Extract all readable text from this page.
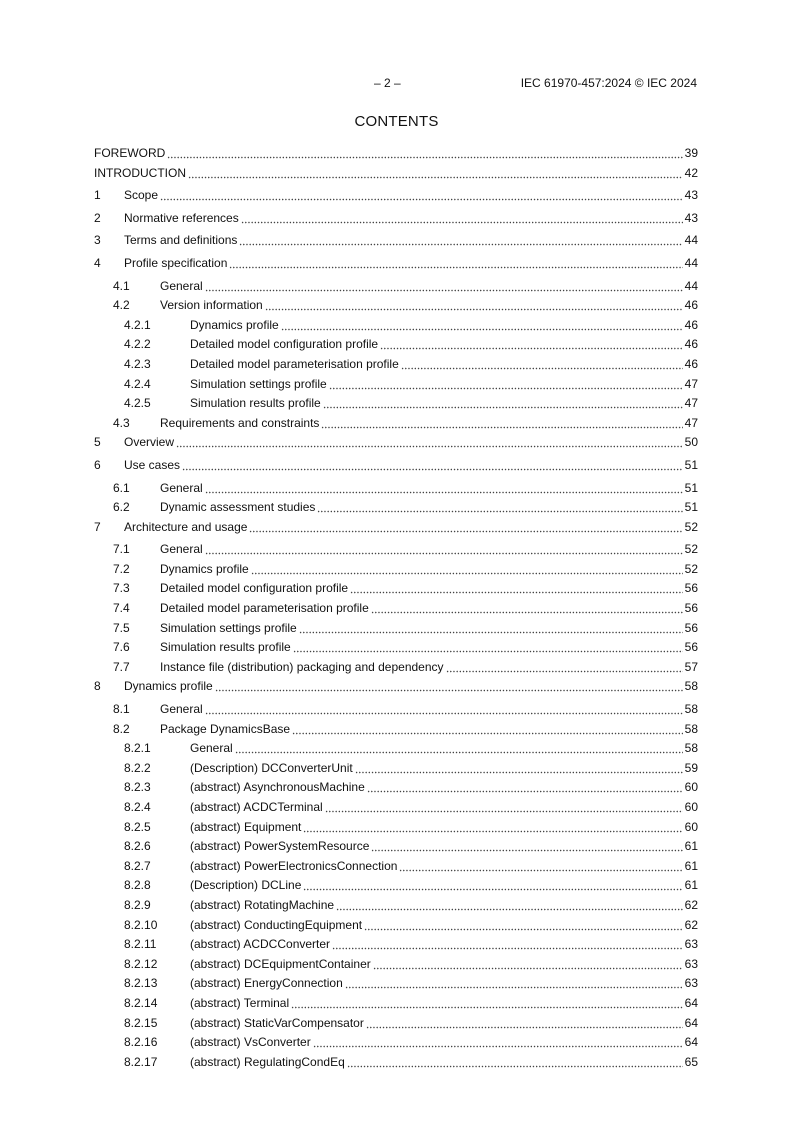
– 2 –	IEC 61970-457:2024 © IEC 2024
CONTENTS
FOREWORD	39
INTRODUCTION	42
1	Scope	43
2	Normative references	43
3	Terms and definitions	44
4	Profile specification	44
4.1	General	44
4.2	Version information	46
4.2.1	Dynamics profile	46
4.2.2	Detailed model configuration profile	46
4.2.3	Detailed model parameterisation profile	46
4.2.4	Simulation settings profile	47
4.2.5	Simulation results profile	47
4.3	Requirements and constraints	47
5	Overview	50
6	Use cases	51
6.1	General	51
6.2	Dynamic assessment studies	51
7	Architecture and usage	52
7.1	General	52
7.2	Dynamics profile	52
7.3	Detailed model configuration profile	56
7.4	Detailed model parameterisation profile	56
7.5	Simulation settings profile	56
7.6	Simulation results profile	56
7.7	Instance file (distribution) packaging and dependency	57
8	Dynamics profile	58
8.1	General	58
8.2	Package DynamicsBase	58
8.2.1	General	58
8.2.2	(Description) DCConverterUnit	59
8.2.3	(abstract) AsynchronousMachine	60
8.2.4	(abstract) ACDCTerminal	60
8.2.5	(abstract) Equipment	60
8.2.6	(abstract) PowerSystemResource	61
8.2.7	(abstract) PowerElectronicsConnection	61
8.2.8	(Description) DCLine	61
8.2.9	(abstract) RotatingMachine	62
8.2.10	(abstract) ConductingEquipment	62
8.2.11	(abstract) ACDCConverter	63
8.2.12	(abstract) DCEquipmentContainer	63
8.2.13	(abstract) EnergyConnection	63
8.2.14	(abstract) Terminal	64
8.2.15	(abstract) StaticVarCompensator	64
8.2.16	(abstract) VsConverter	64
8.2.17	(abstract) RegulatingCondEq	65
